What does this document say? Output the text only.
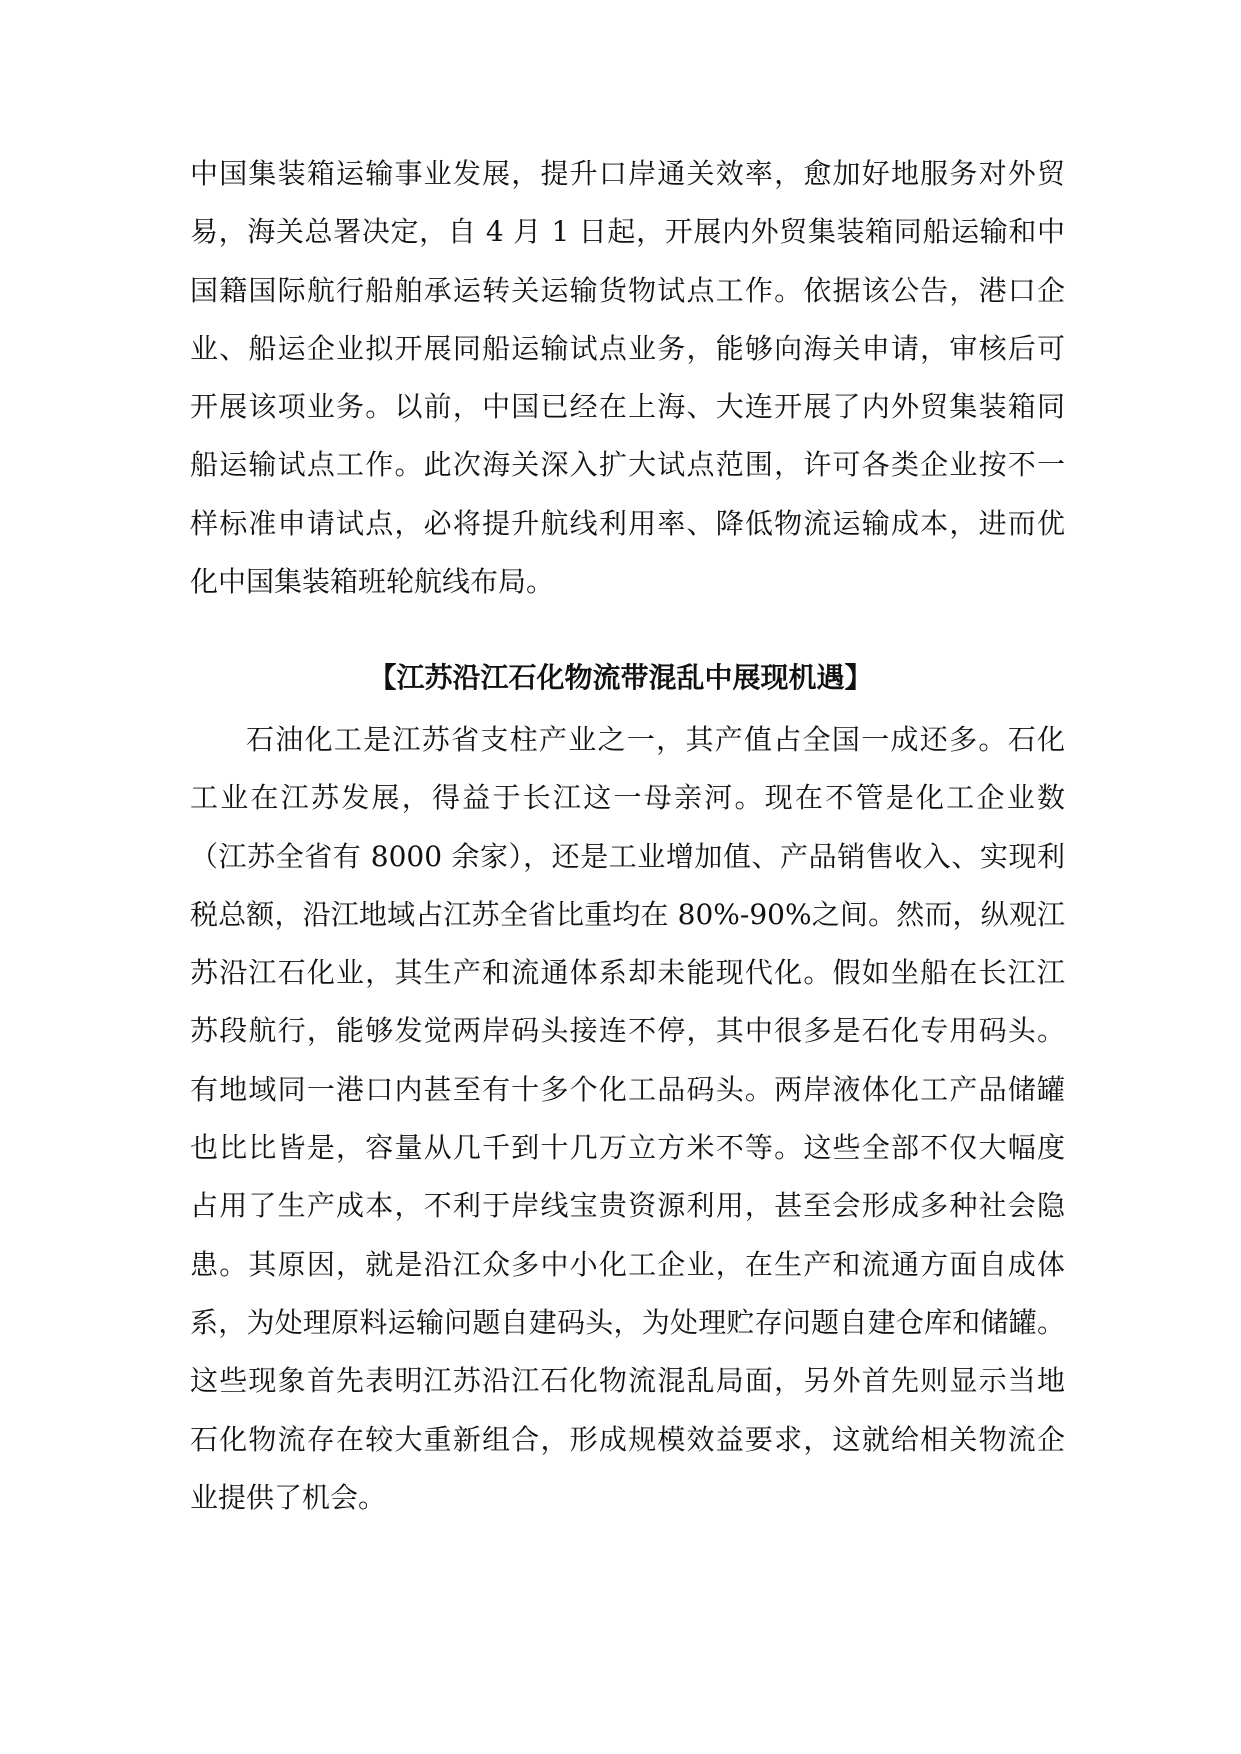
中国集装箱运输事业发展，提升口岸通关效率，愈加好地服务对外贸
易，海关总署决定，自 4 月 1 日起，开展内外贸集装箱同船运输和中
国籍国际航行船舶承运转关运输货物试点工作。依据该公告，港口企
业、船运企业拟开展同船运输试点业务，能够向海关申请，审核后可
开展该项业务。以前，中国已经在上海、大连开展了内外贸集装箱同
船运输试点工作。此次海关深入扩大试点范围，许可各类企业按不一
样标准申请试点，必将提升航线利用率、降低物流运输成本，进而优
化中国集装箱班轮航线布局。
【江苏沿江石化物流带混乱中展现机遇】
石油化工是江苏省支柱产业之一，其产值占全国一成还多。石化
工业在江苏发展，得益于长江这一母亲河。现在不管是化工企业数
（江苏全省有 8000 余家），还是工业增加值、产品销售收入、实现利
税总额，沿江地域占江苏全省比重均在 80%-90%之间。然而，纵观江
苏沿江石化业，其生产和流通体系却未能现代化。假如坐船在长江江
苏段航行，能够发觉两岸码头接连不停，其中很多是石化专用码头。
有地域同一港口内甚至有十多个化工品码头。两岸液体化工产品储罐
也比比皆是，容量从几千到十几万立方米不等。这些全部不仅大幅度
占用了生产成本，不利于岸线宝贵资源利用，甚至会形成多种社会隐
患。其原因，就是沿江众多中小化工企业，在生产和流通方面自成体
系，为处理原料运输问题自建码头，为处理贮存问题自建仓库和储罐。
这些现象首先表明江苏沿江石化物流混乱局面，另外首先则显示当地
石化物流存在较大重新组合，形成规模效益要求，这就给相关物流企
业提供了机会。
